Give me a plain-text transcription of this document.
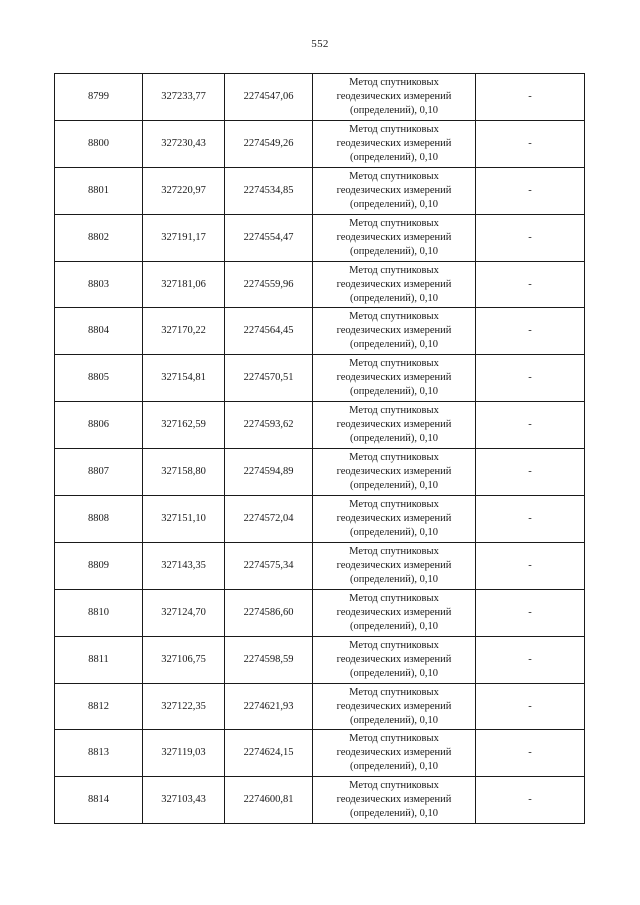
552
8799	327233,77	2274547,06	Метод спутниковых
геодезических измерений
(определений), 0,10	-
8800	327230,43	2274549,26	Метод спутниковых
геодезических измерений
(определений), 0,10	-
8801	327220,97	2274534,85	Метод спутниковых
геодезических измерений
(определений), 0,10	-
8802	327191,17	2274554,47	Метод спутниковых
геодезических измерений
(определений), 0,10	-
8803	327181,06	2274559,96	Метод спутниковых
геодезических измерений
(определений), 0,10	-
8804	327170,22	2274564,45	Метод спутниковых
геодезических измерений
(определений), 0,10	-
8805	327154,81	2274570,51	Метод спутниковых
геодезических измерений
(определений), 0,10	-
8806	327162,59	2274593,62	Метод спутниковых
геодезических измерений
(определений), 0,10	-
8807	327158,80	2274594,89	Метод спутниковых
геодезических измерений
(определений), 0,10	-
8808	327151,10	2274572,04	Метод спутниковых
геодезических измерений
(определений), 0,10	-
8809	327143,35	2274575,34	Метод спутниковых
геодезических измерений
(определений), 0,10	-
8810	327124,70	2274586,60	Метод спутниковых
геодезических измерений
(определений), 0,10	-
8811	327106,75	2274598,59	Метод спутниковых
геодезических измерений
(определений), 0,10	-
8812	327122,35	2274621,93	Метод спутниковых
геодезических измерений
(определений), 0,10	-
8813	327119,03	2274624,15	Метод спутниковых
геодезических измерений
(определений), 0,10	-
8814	327103,43	2274600,81	Метод спутниковых
геодезических измерений
(определений), 0,10	-
